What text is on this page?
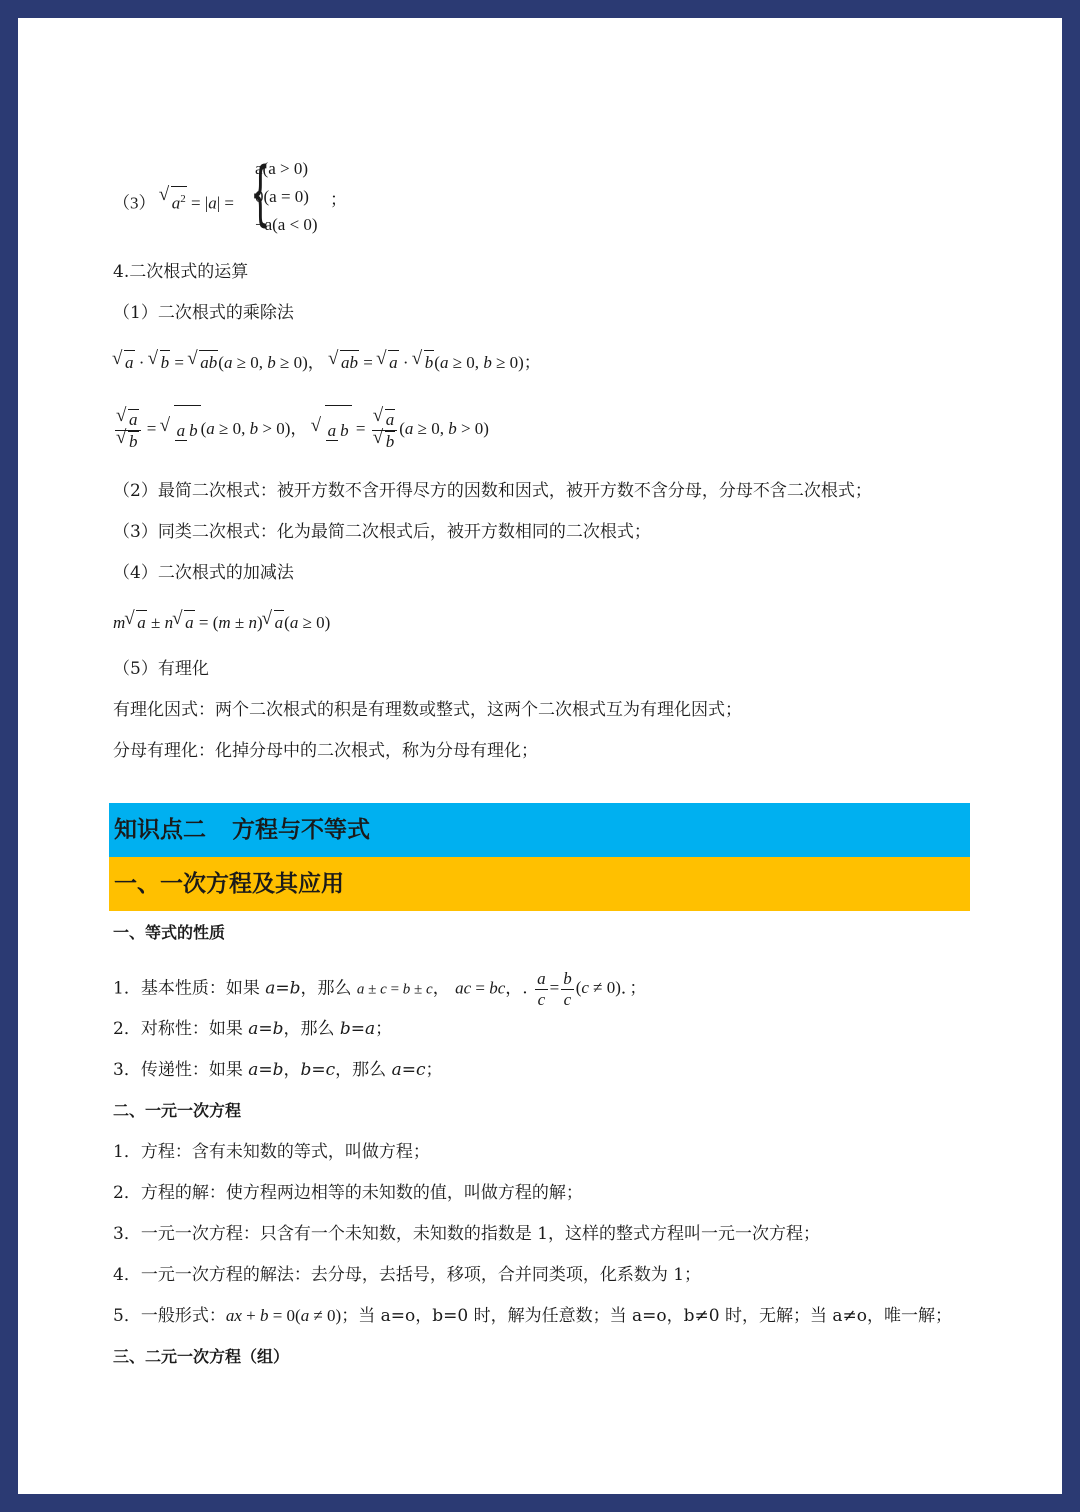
（3） √ $a^2 = |a|$ = {
a(a > 0)
0(a = 0)
−a(a < 0)
；
4.二次根式的运算
（1）二次根式的乘除法
√ a · √ b = √ ab(a ≥ 0, b ≥ 0)， √ ab = √ a · √ b(a ≥ 0, b ≥ 0)；
√ a
√ b = √ a b (a ≥ 0, b > 0)， √ a b = √ a
√ b (a ≥ 0, b > 0)
（2）最简二次根式：被开方数不含开得尽方的因数和因式，被开方数不含分母，分母不含二次根式；
（3）同类二次根式：化为最简二次根式后，被开方数相同的二次根式；
（4）二次根式的加减法
m √ a ± n √ a = (m ± n) √ a(a ≥ 0)
（5）有理化
有理化因式：两个二次根式的积是有理数或整式，这两个二次根式互为有理化因式；
分母有理化：化掉分母中的二次根式，称为分母有理化；
知识点二 方程与不等式
一、一次方程及其应用
一、等式的性质
1．基本性质：如果 a=b，那么 a ± c = b ± c， ac = bc，. $\frac{a}{c} = \frac{b}{c} (c \ne 0)$．；
2．对称性：如果 a=b，那么 b=a；
3．传递性：如果 a=b，b=c，那么 a=c；
二、一元一次方程
1．方程：含有未知数的等式，叫做方程；
2．方程的解：使方程两边相等的未知数的值，叫做方程的解；
3．一元一次方程：只含有一个未知数，未知数的指数是 1，这样的整式方程叫一元一次方程；
4．一元一次方程的解法：去分母，去括号，移项，合并同类项，化系数为 1；
5．一般形式：ax + b = 0(a ≠ 0)；当 a=o，b=0 时，解为任意数；当 a=o，b≠0 时，无解；当 a≠o，唯一解；
三、二元一次方程（组）
